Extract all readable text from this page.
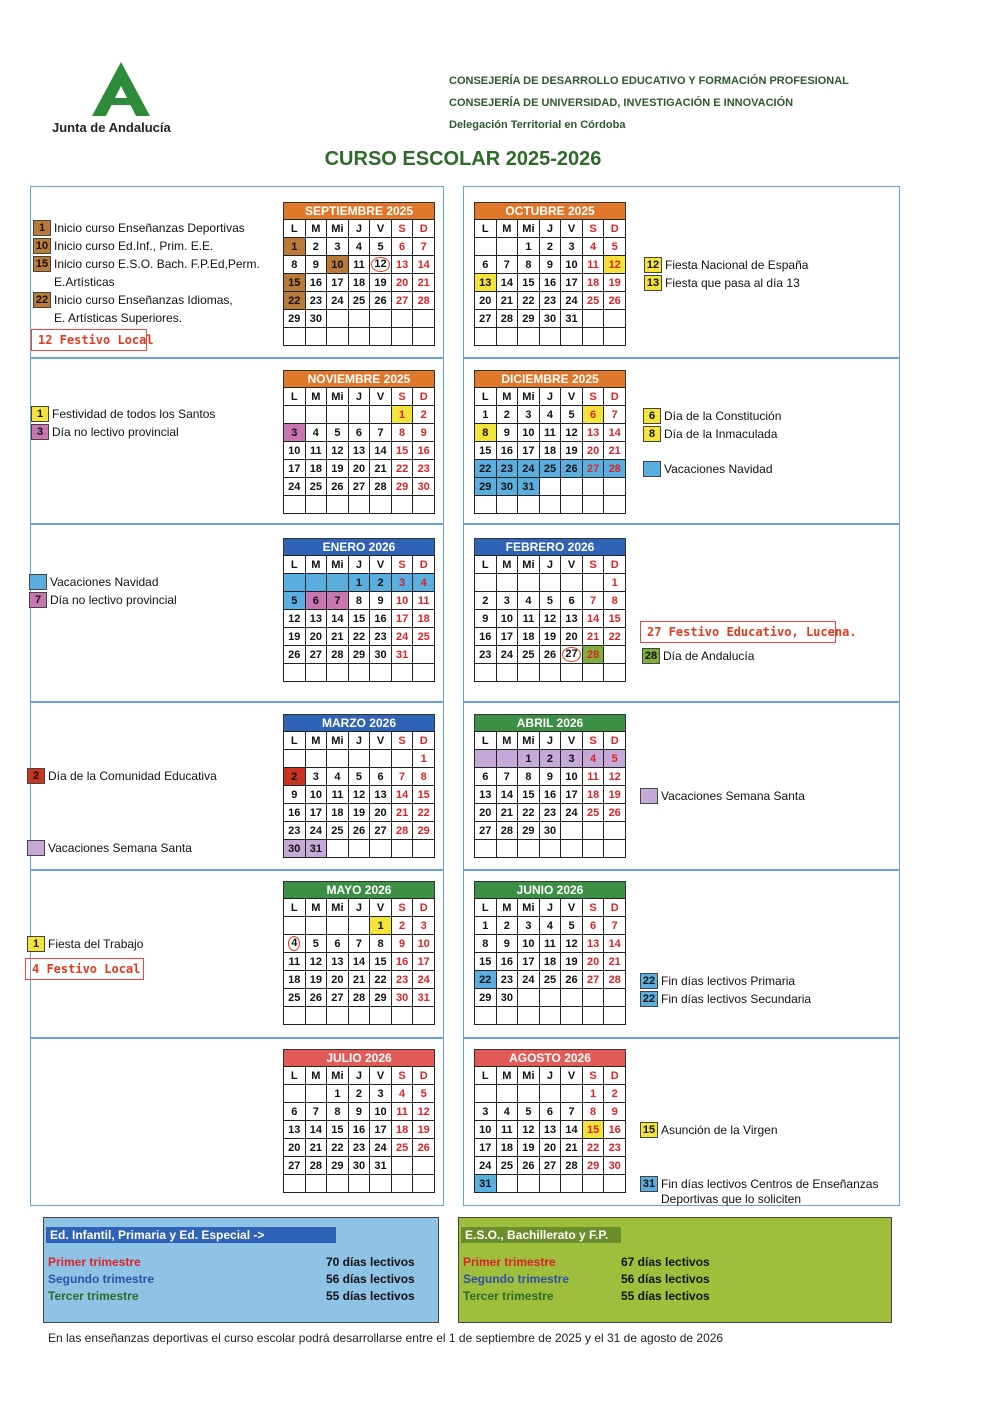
Junta de Andalucía
CONSEJERÍA DE DESARROLLO EDUCATIVO Y FORMACIÓN PROFESIONAL
CONSEJERÍA DE UNIVERSIDAD, INVESTIGACIÓN E INNOVACIÓN
Delegación Territorial en Córdoba
CURSO ESCOLAR 2025-2026
SEPTIEMBRE 2025
L	M	Mi	J	V	S	D
1	2	3	4	5	6	7
8	9	10	11	12	13	14
15	16	17	18	19	20	21
22	23	24	25	26	27	28
29	30					

OCTUBRE 2025
L	M	Mi	J	V	S	D
		1	2	3	4	5
6	7	8	9	10	11	12
13	14	15	16	17	18	19
20	21	22	23	24	25	26
27	28	29	30	31		

NOVIEMBRE 2025
L	M	Mi	J	V	S	D
					1	2
3	4	5	6	7	8	9
10	11	12	13	14	15	16
17	18	19	20	21	22	23
24	25	26	27	28	29	30

DICIEMBRE 2025
L	M	Mi	J	V	S	D
1	2	3	4	5	6	7
8	9	10	11	12	13	14
15	16	17	18	19	20	21
22	23	24	25	26	27	28
29	30	31				

ENERO 2026
L	M	Mi	J	V	S	D
			1	2	3	4
5	6	7	8	9	10	11
12	13	14	15	16	17	18
19	20	21	22	23	24	25
26	27	28	29	30	31	

FEBRERO 2026
L	M	Mi	J	V	S	D
						1
2	3	4	5	6	7	8
9	10	11	12	13	14	15
16	17	18	19	20	21	22
23	24	25	26	27	28	

MARZO 2026
L	M	Mi	J	V	S	D
						1
2	3	4	5	6	7	8
9	10	11	12	13	14	15
16	17	18	19	20	21	22
23	24	25	26	27	28	29
30	31					
ABRIL 2026
L	M	Mi	J	V	S	D
		1	2	3	4	5
6	7	8	9	10	11	12
13	14	15	16	17	18	19
20	21	22	23	24	25	26
27	28	29	30			

MAYO 2026
L	M	Mi	J	V	S	D
				1	2	3
4	5	6	7	8	9	10
11	12	13	14	15	16	17
18	19	20	21	22	23	24
25	26	27	28	29	30	31

JUNIO 2026
L	M	Mi	J	V	S	D
1	2	3	4	5	6	7
8	9	10	11	12	13	14
15	16	17	18	19	20	21
22	23	24	25	26	27	28
29	30					

JULIO 2026
L	M	Mi	J	V	S	D
		1	2	3	4	5
6	7	8	9	10	11	12
13	14	15	16	17	18	19
20	21	22	23	24	25	26
27	28	29	30	31		

AGOSTO 2026
L	M	Mi	J	V	S	D
					1	2
3	4	5	6	7	8	9
10	11	12	13	14	15	16
17	18	19	20	21	22	23
24	25	26	27	28	29	30
31						
1 Inicio curso Enseñanzas Deportivas
10 Inicio curso Ed.Inf., Prim. E.E.
15 Inicio curso E.S.O. Bach. F.P.Ed,Perm.
E.Artísticas
22 Inicio curso Enseñanzas Idiomas,
E. Artísticas Superiores.
12 Fiesta Nacional de España
13 Fiesta que pasa al día 13
1 Festividad de todos los Santos
3 Día no lectivo provincial
6 Día de la Constitución
8 Día de la Inmaculada
Vacaciones Navidad
Vacaciones Navidad
7 Día no lectivo provincial
28 Día de Andalucía
2 Día de la Comunidad Educativa
Vacaciones Semana Santa
Vacaciones Semana Santa
1 Fiesta del Trabajo
22 Fin días lectivos Primaria
22 Fin días lectivos Secundaria
15 Asunción de la Virgen
31 Fin días lectivos Centros de Enseñanzas
Deportivas que lo soliciten
12 Festivo Local
27 Festivo Educativo, Lucena.
4 Festivo Local
Ed. Infantil, Primaria y Ed. Especial ->
Primer trimestre	70 días lectivos
Segundo trimestre	56 días lectivos
Tercer trimestre	55 días lectivos
E.S.O., Bachillerato y F.P.
Primer trimestre	67 días lectivos
Segundo trimestre	56 días lectivos
Tercer trimestre	55 días lectivos
En las enseñanzas deportivas el curso escolar podrá desarrollarse entre el 1 de septiembre de 2025 y el 31 de agosto de 2026
